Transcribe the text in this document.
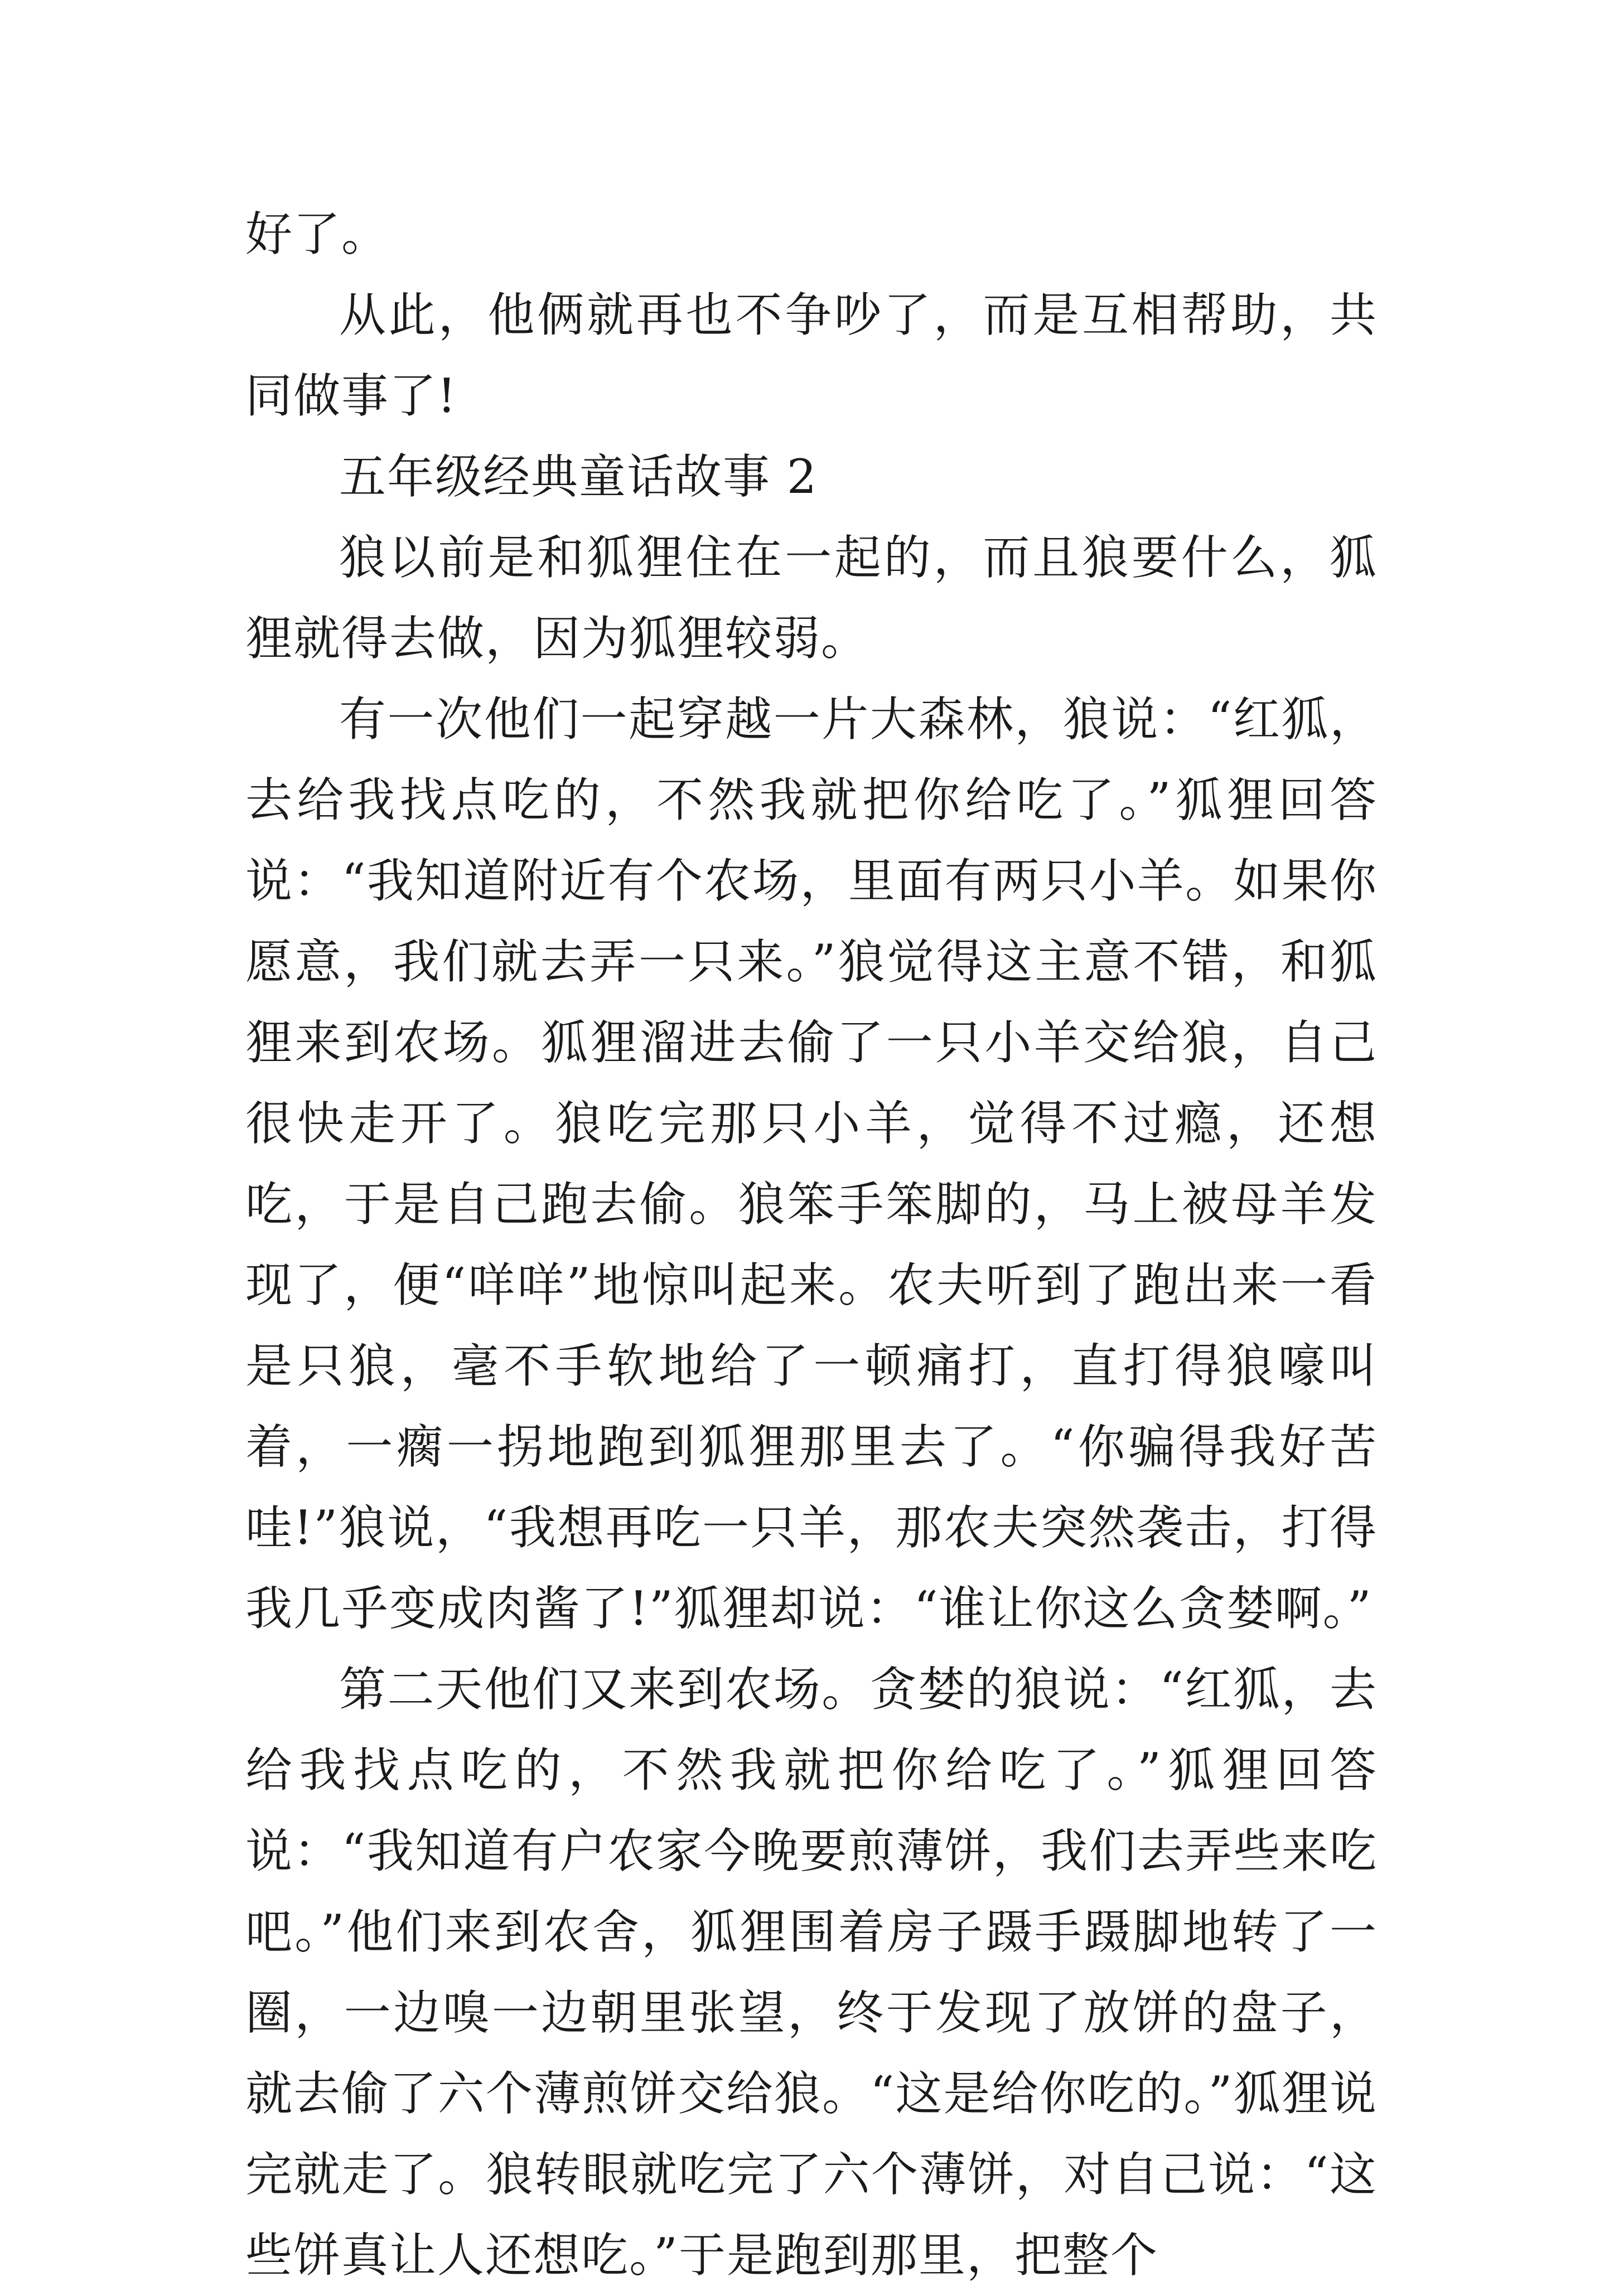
好了。

从此，他俩就再也不争吵了，而是互相帮助，共同做事了!

五年级经典童话故事 2

狼以前是和狐狸住在一起的，而且狼要什么，狐狸就得去做，因为狐狸较弱。

有一次他们一起穿越一片大森林，狼说：“红狐，去给我找点吃的，不然我就把你给吃了。”狐狸回答说：“我知道附近有个农场，里面有两只小羊。如果你愿意，我们就去弄一只来。”狼觉得这主意不错，和狐狸来到农场。狐狸溜进去偷了一只小羊交给狼，自己很快走开了。狼吃完那只小羊，觉得不过瘾，还想吃，于是自己跑去偷。狼笨手笨脚的，马上被母羊发现了，便“咩咩”地惊叫起来。农夫听到了跑出来一看是只狼，毫不手软地给了一顿痛打，直打得狼嚎叫着，一瘸一拐地跑到狐狸那里去了。“你骗得我好苦哇!”狼说，“我想再吃一只羊，那农夫突然袭击，打得我几乎变成肉酱了!”狐狸却说：“谁让你这么贪婪啊。”

第二天他们又来到农场。贪婪的狼说：“红狐，去给我找点吃的，不然我就把你给吃了。”狐狸回答说：“我知道有户农家今晚要煎薄饼，我们去弄些来吃吧。”他们来到农舍，狐狸围着房子蹑手蹑脚地转了一圈，一边嗅一边朝里张望，终于发现了放饼的盘子，就去偷了六个薄煎饼交给狼。“这是给你吃的。”狐狸说完就走了。狼转眼就吃完了六个薄饼，对自己说：“这些饼真让人还想吃。”于是跑到那里，把整个
